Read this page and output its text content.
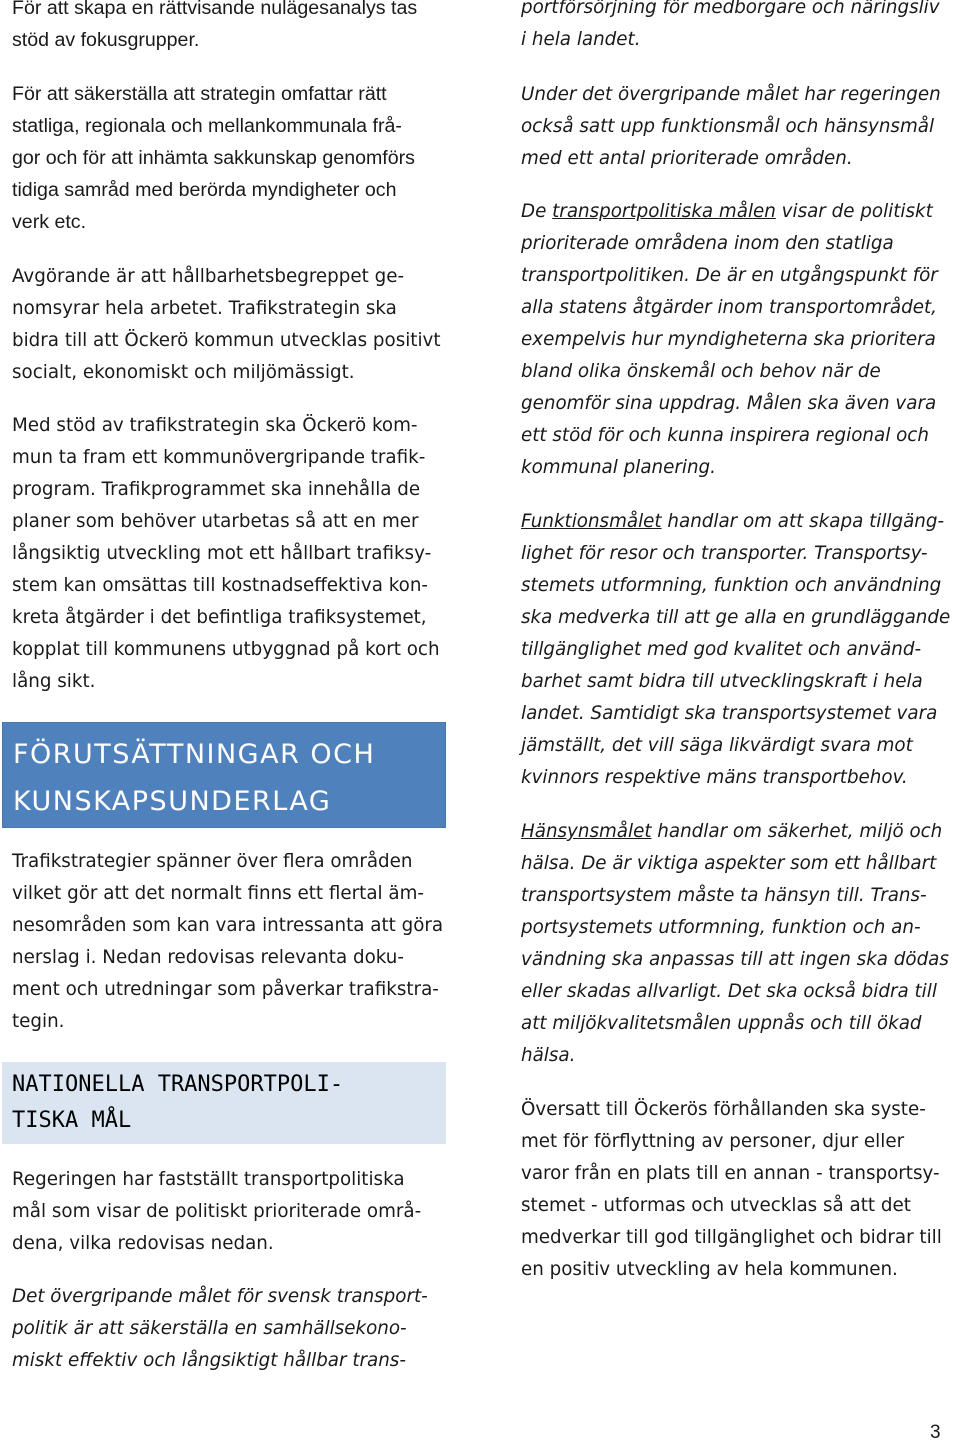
För att skapa en rättvisande nulägesanalys tas

stöd av fokusgrupper.

För att säkerställa att strategin omfattar rätt

statliga, regionala och mellankommunala frå-

gor och för att inhämta sakkunskap genomförs

tidiga samråd med berörda myndigheter och

verk etc.

Avgörande är att hållbarhetsbegreppet ge-

nomsyrar hela arbetet. Trafikstrategin ska

bidra till att Öckerö kommun utvecklas positivt

socialt, ekonomiskt och miljömässigt.

Med stöd av trafikstrategin ska Öckerö kom-

mun ta fram ett kommunövergripande trafik-

program. Trafikprogrammet ska innehålla de

planer som behöver utarbetas så att en mer

långsiktig utveckling mot ett hållbart trafiksy-

stem kan omsättas till kostnadseffektiva kon-

kreta åtgärder i det befintliga trafiksystemet,

kopplat till kommunens utbyggnad på kort och

lång sikt.

FÖRUTSÄTTNINGAR OCH

KUNSKAPSUNDERLAG

Trafikstrategier spänner över flera områden

vilket gör att det normalt finns ett flertal äm-

nesområden som kan vara intressanta att göra

nerslag i. Nedan redovisas relevanta doku-

ment och utredningar som påverkar trafikstra-

tegin.

NATIONELLA TRANSPORTPOLI-

TISKA MÅL

Regeringen har fastställt transportpolitiska

mål som visar de politiskt prioriterade områ-

dena, vilka redovisas nedan.

Det övergripande målet för svensk transport-

politik är att säkerställa en samhällsekono-

miskt effektiv och långsiktigt hållbar trans-

portförsörjning för medborgare och näringsliv

i hela landet.

Under det övergripande målet har regeringen

också satt upp funktionsmål och hänsynsmål

med ett antal prioriterade områden.

De transportpolitiska målen visar de politiskt

prioriterade områdena inom den statliga

transportpolitiken. De är en utgångspunkt för

alla statens åtgärder inom transportområdet,

exempelvis hur myndigheterna ska prioritera

bland olika önskemål och behov när de

genomför sina uppdrag. Målen ska även vara

ett stöd för och kunna inspirera regional och

kommunal planering.

Funktionsmålet handlar om att skapa tillgäng-

lighet för resor och transporter. Transportsy-

stemets utformning, funktion och användning

ska medverka till att ge alla en grundläggande

tillgänglighet med god kvalitet och använd-

barhet samt bidra till utvecklingskraft i hela

landet. Samtidigt ska transportsystemet vara

jämställt, det vill säga likvärdigt svara mot

kvinnors respektive mäns transportbehov.

Hänsynsmålet handlar om säkerhet, miljö och

hälsa. De är viktiga aspekter som ett hållbart

transportsystem måste ta hänsyn till. Trans-

portsystemets utformning, funktion och an-

vändning ska anpassas till att ingen ska dödas

eller skadas allvarligt. Det ska också bidra till

att miljökvalitetsmålen uppnås och till ökad

hälsa.

Översatt till Öckerös förhållanden ska syste-

met för förflyttning av personer, djur eller

varor från en plats till en annan - transportsy-

stemet - utformas och utvecklas så att det

medverkar till god tillgänglighet och bidrar till

en positiv utveckling av hela kommunen.

3
